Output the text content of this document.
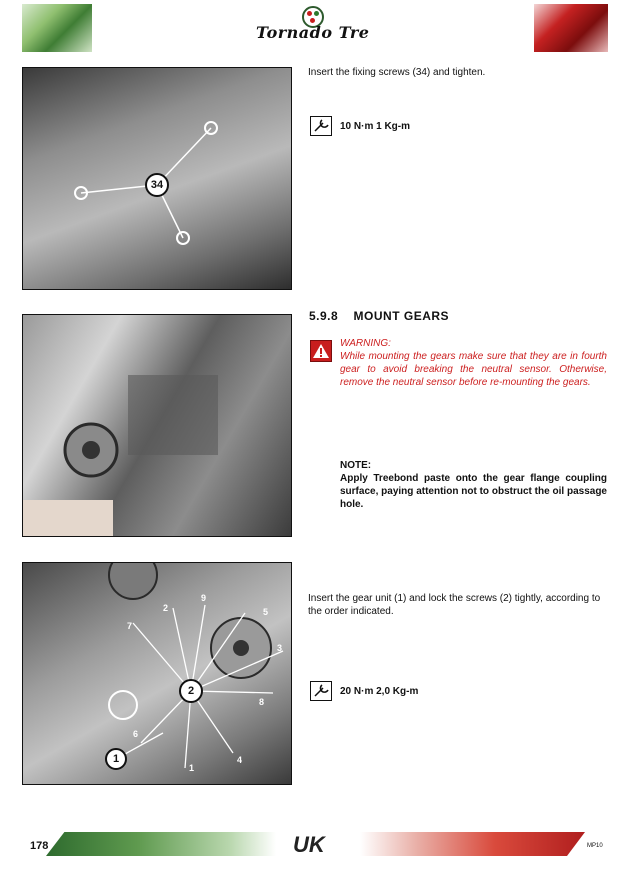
Tornado Tre
34
Insert the fixing screws (34) and tighten.
10 N·m 1 Kg-m
5.9.8 MOUNT GEARS
WARNING:
While mounting the gears make sure that they are in fourth gear to avoid breaking the neutral sensor. Otherwise, remove the neutral sensor before re-mounting the gears.
NOTE:
Apply Treebond paste onto the gear flange coupling surface, paying attention not to obstruct the oil passage hole.
2
1
7
2
9
5
3
8
4
6
1
Insert the gear unit (1) and lock the screws (2) tightly, according to the order indicated.
20 N·m 2,0 Kg-m
178	UK	MP10
